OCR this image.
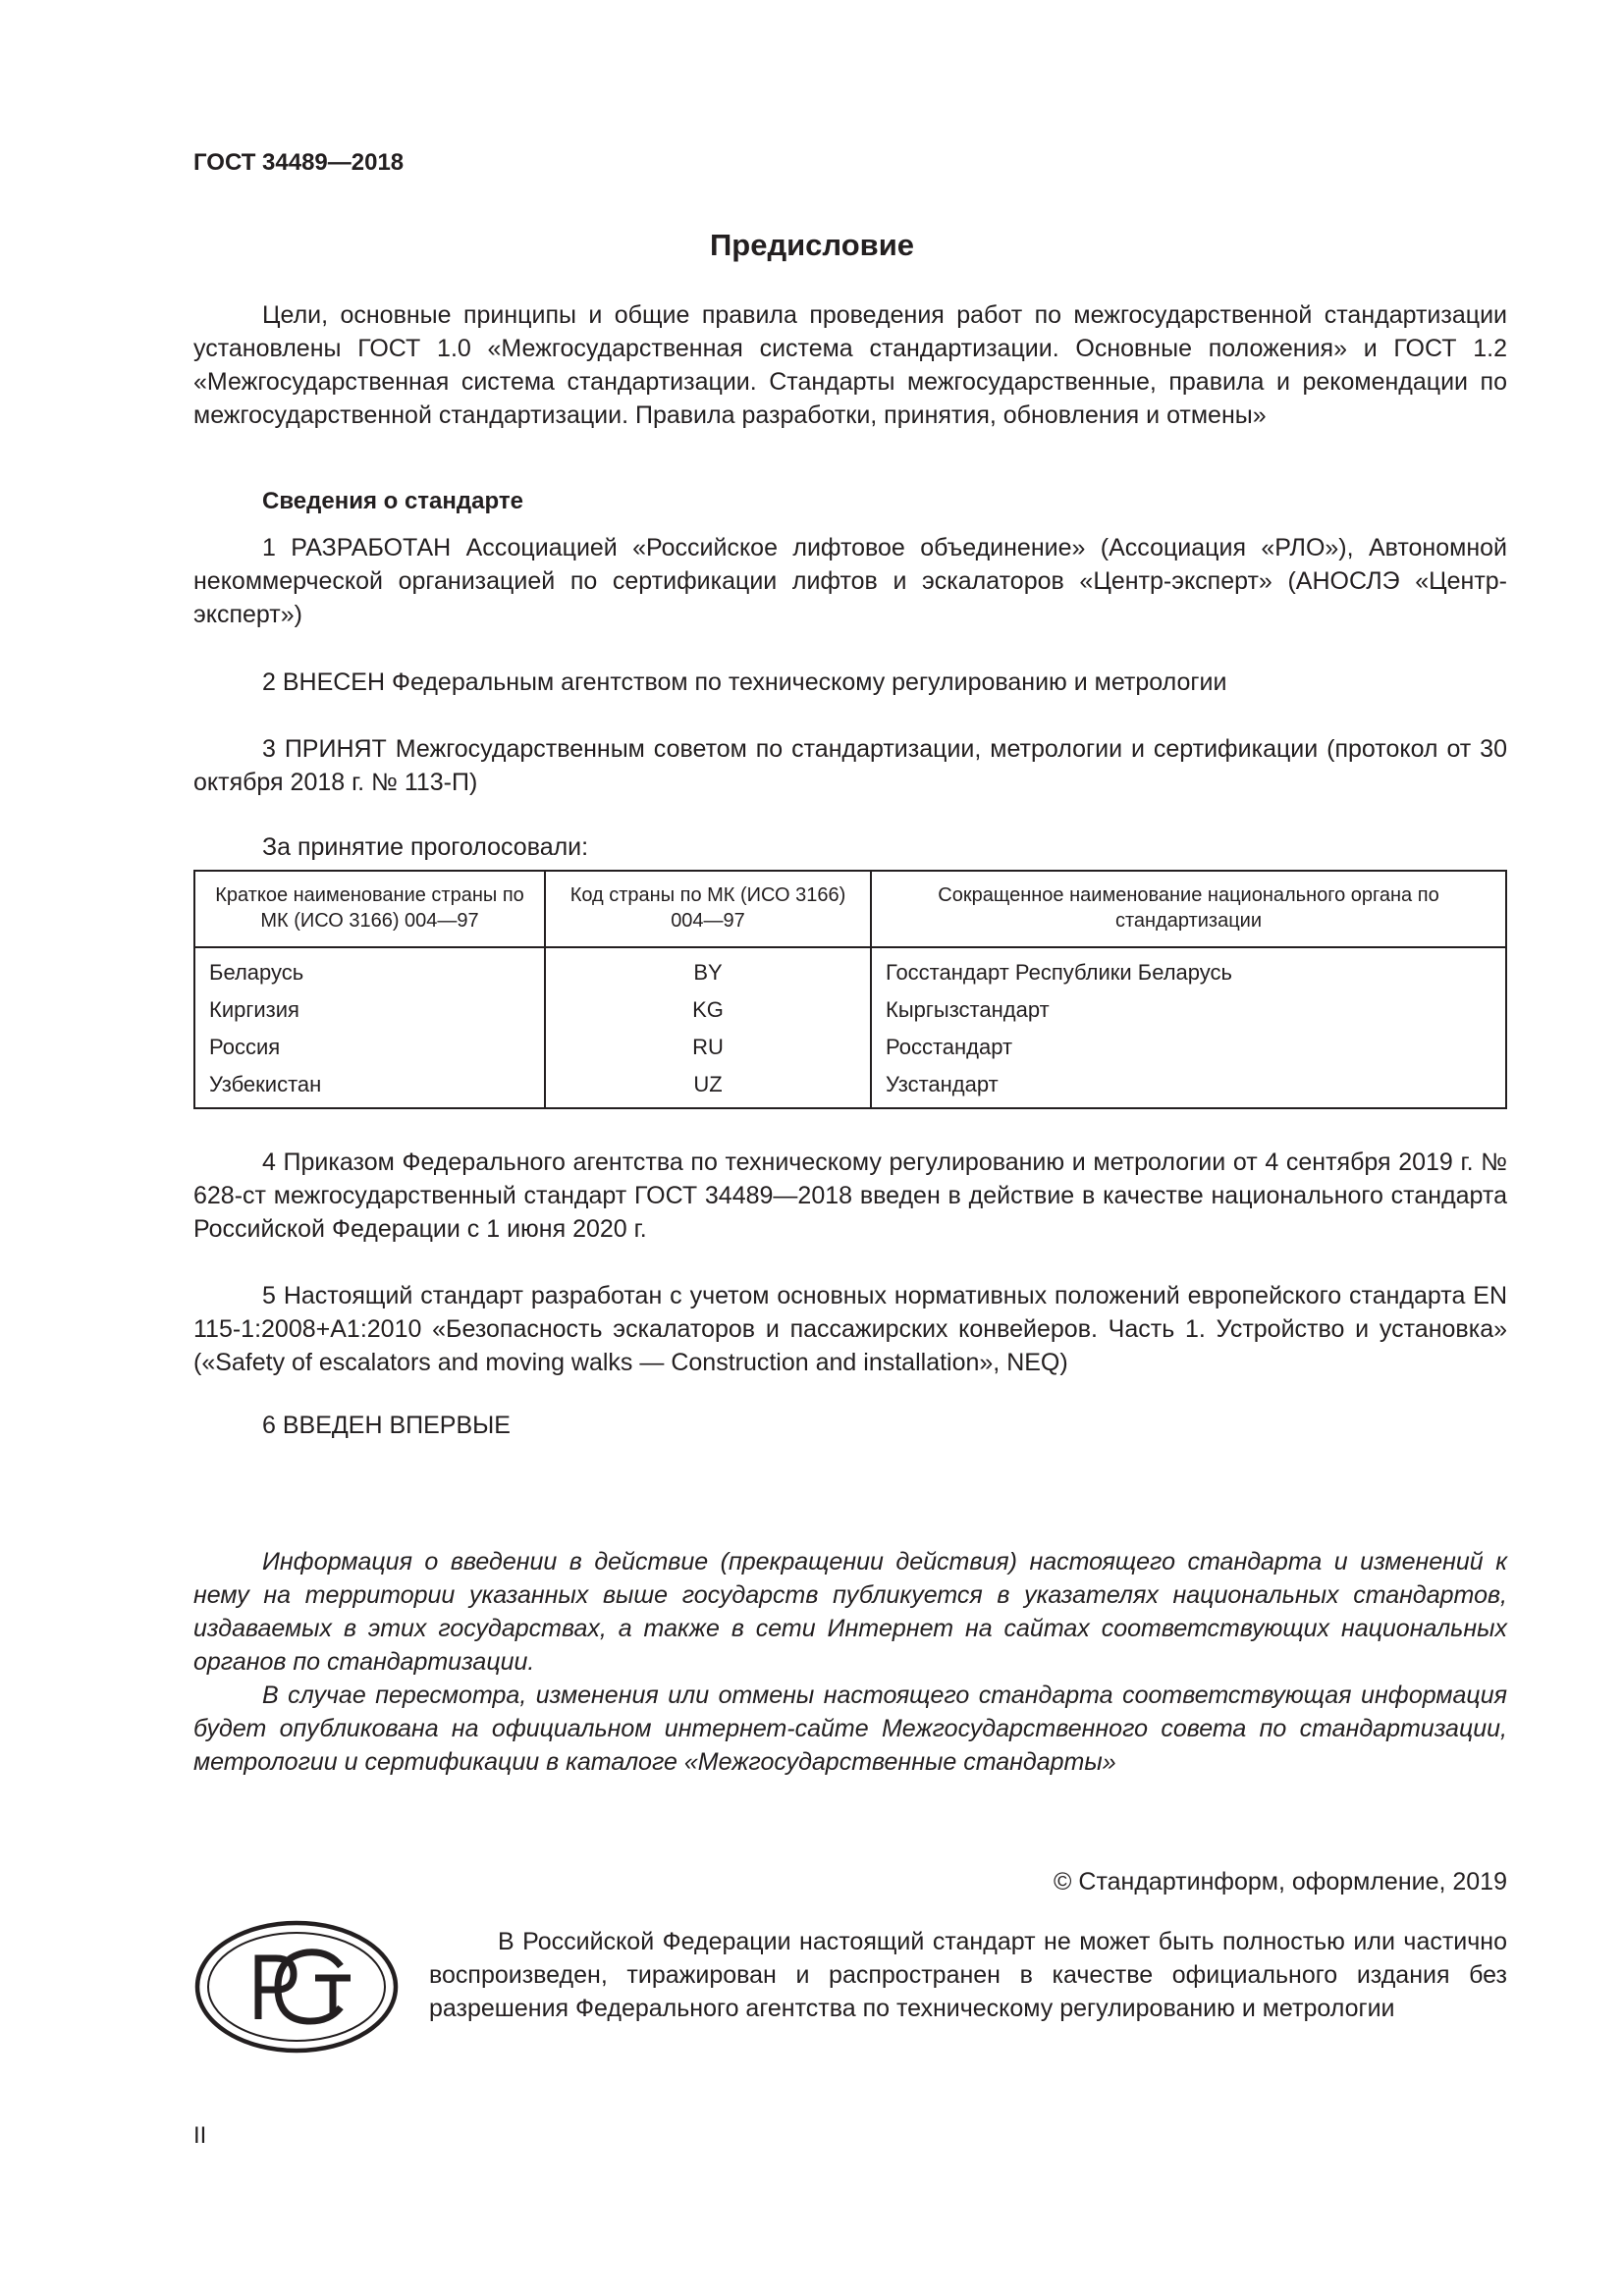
ГОСТ 34489—2018
Предисловие

Цели, основные принципы и общие правила проведения работ по межгосударственной стандартизации установлены ГОСТ 1.0 «Межгосударственная система стандартизации. Основные положения» и ГОСТ 1.2 «Межгосударственная система стандартизации. Стандарты межгосударственные, правила и рекомендации по межгосударственной стандартизации. Правила разработки, принятия, обновления и отмены»

Сведения о стандарте

1 РАЗРАБОТАН Ассоциацией «Российское лифтовое объединение» (Ассоциация «РЛО»), Автономной некоммерческой организацией по сертификации лифтов и эскалаторов «Центр-эксперт» (АНОСЛЭ «Центр-эксперт»)

2 ВНЕСЕН Федеральным агентством по техническому регулированию и метрологии

3 ПРИНЯТ Межгосударственным советом по стандартизации, метрологии и сертификации (протокол от 30 октября 2018 г. № 113-П)

За принятие проголосовали:
Краткое наименование страны по МК (ИСО 3166) 004—97	Код страны по МК (ИСО 3166) 004—97	Сокращенное наименование национального органа по стандартизации
Беларусь	BY	Госстандарт Республики Беларусь
Киргизия	KG	Кыргызстандарт
Россия	RU	Росстандарт
Узбекистан	UZ	Узстандарт

4 Приказом Федерального агентства по техническому регулированию и метрологии от 4 сентября 2019 г. № 628-ст межгосударственный стандарт ГОСТ 34489—2018 введен в действие в качестве национального стандарта Российской Федерации с 1 июня 2020 г.

5 Настоящий стандарт разработан с учетом основных нормативных положений европейского стандарта EN 115-1:2008+A1:2010 «Безопасность эскалаторов и пассажирских конвейеров. Часть 1. Устройство и установка» («Safety of escalators and moving walks — Construction and installation», NEQ)

6 ВВЕДЕН ВПЕРВЫЕ

Информация о введении в действие (прекращении действия) настоящего стандарта и изменений к нему на территории указанных выше государств публикуется в указателях национальных стандартов, издаваемых в этих государствах, а также в сети Интернет на сайтах соответствующих национальных органов по стандартизации.

В случае пересмотра, изменения или отмены настоящего стандарта соответствующая информация будет опубликована на официальном интернет-сайте Межгосударственного совета по стандартизации, метрологии и сертификации в каталоге «Межгосударственные стандарты»

© Стандартинформ, оформление, 2019

В Российской Федерации настоящий стандарт не может быть полностью или частично воспроизведен, тиражирован и распространен в качестве официального издания без разрешения Федерального агентства по техническому регулированию и метрологии

II
